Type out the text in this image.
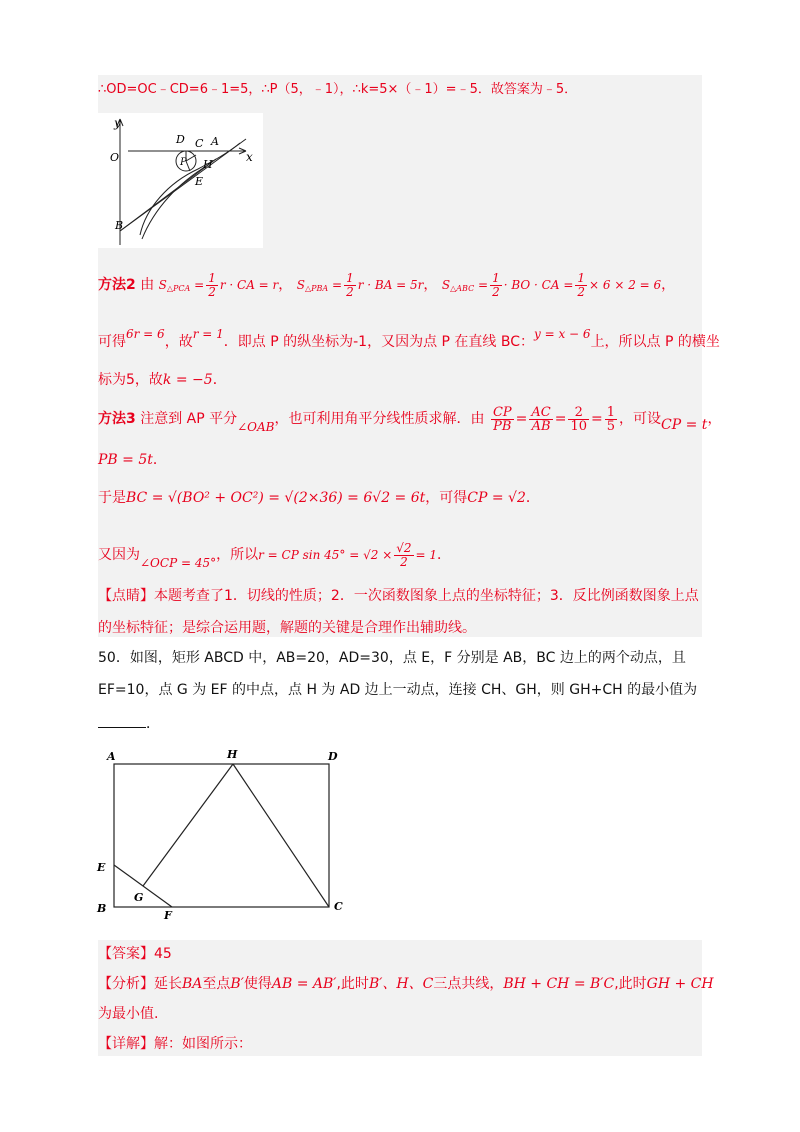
∴OD=OC﹣CD=6﹣1=5，∴P（5，﹣1），∴k=5×（﹣1）=﹣5．故答案为﹣5．
y
x
O
D C A
P H
E
B
方法2 由 $S_{\triangle PCA} = \frac{1}{2}$ r · CA = r， $S_{\triangle PBA} = \frac{1}{2}$ r · BA = 5r， $S_{\triangle ABC} = \frac{1}{2}$ · BO · CA = $\frac{1}{2} \times 6 \times 2 = 6$，
可得6r = 6，故r = 1．即点 P 的纵坐标为-1，又因为点 P 在直线 BC：y = x − 6上，所以点 P 的横坐
标为5，故k = −5．
方法3 注意到 AP 平分∠OAB，也可利用角平分线性质求解．由 $\frac{CP}{PB} = \frac{AC}{AB} = \frac{2}{10} = \frac{1}{5}$ ，可设CP = t，
PB = 5t．
于是BC = √(BO² + OC²) = √(2×36) = 6√2 = 6t，可得CP = √2．
又因为∠OCP = 45°，所以r = CP $\sin 45^\circ = √2 \times \frac{√2}{2} = 1$．
【点睛】本题考查了1．切线的性质；2．一次函数图象上点的坐标特征；3．反比例函数图象上点
的坐标特征；是综合运用题，解题的关键是合理作出辅助线。
50．如图，矩形 ABCD 中，AB=20，AD=30，点 E，F 分别是 AB，BC 边上的两个动点，且
EF=10，点 G 为 EF 的中点，点 H 为 AD 边上一动点，连接 CH、GH，则 GH+CH 的最小值为
．
A	H	D
E
G
B
F
C
【答案】45
【分析】延长BA至点B′使得AB = AB′,此时B′、H、C三点共线，BH + CH = B′C,此时GH + CH
为最小值.
【详解】解：如图所示：
